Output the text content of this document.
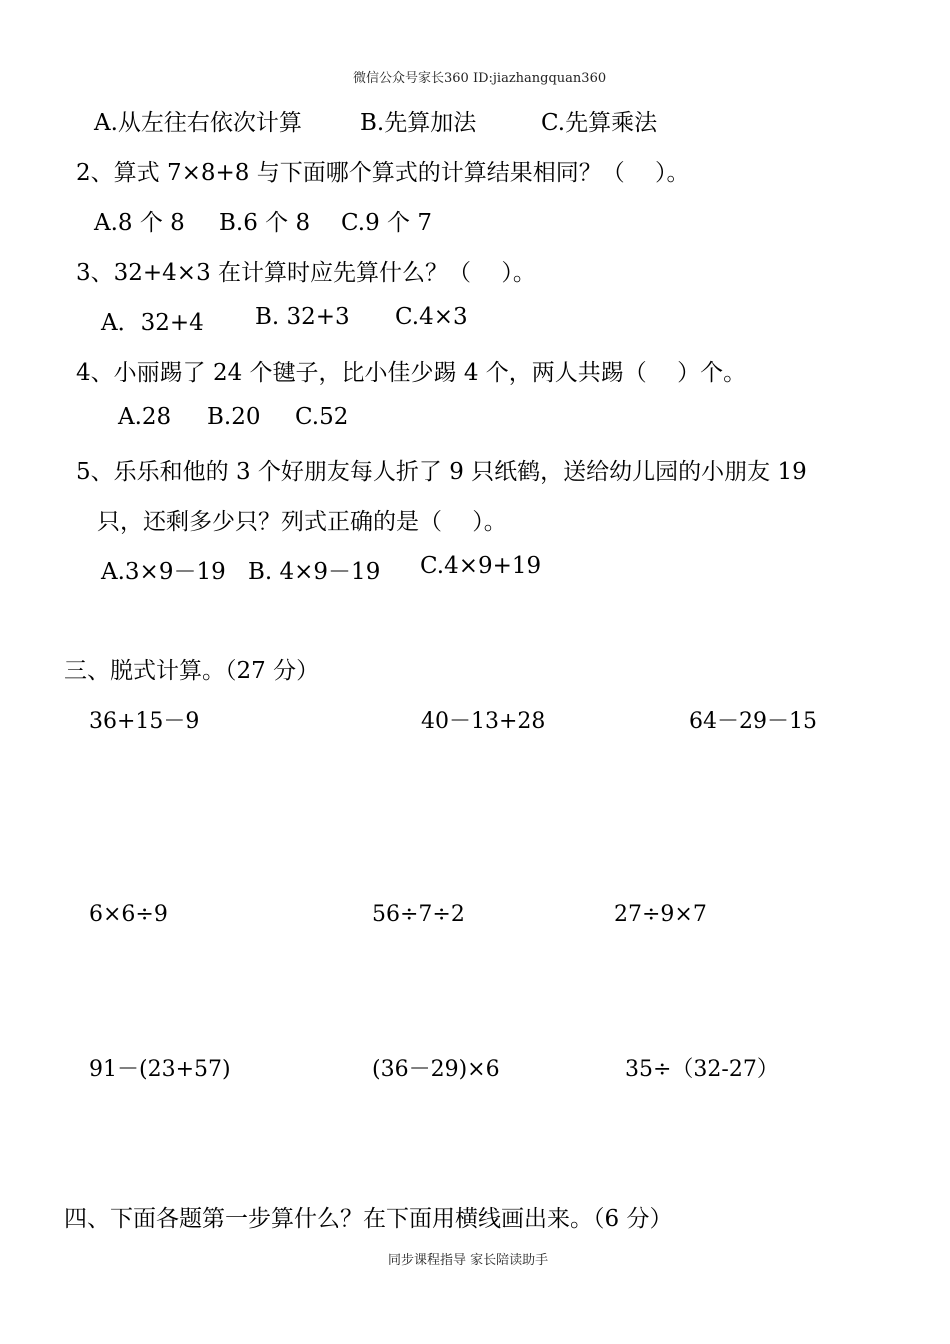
微信公众号家长360 ID:jiazhangquan360
A.从左往右依次计算	B.先算加法	C.先算乘法
2、算式 7×8+8 与下面哪个算式的计算结果相同？（　 ）。
A.8 个 8 B.6 个 8 C.9 个 7
3、32+4×3 在计算时应先算什么？（　 ）。
A．32+4 B. 32+3 C.4×3
4、小丽踢了 24 个毽子，比小佳少踢 4 个，两人共踢（　 ）个。
A.28 B.20 C.52
5、乐乐和他的 3 个好朋友每人折了 9 只纸鹤，送给幼儿园的小朋友 19
只，还剩多少只？列式正确的是（　 ）。
A.3×9－19 B. 4×9－19 C.4×9+19
三、脱式计算。（27 分）
36+15－9	40－13+28	64－29－15
6×6÷9	56÷7÷2	27÷9×7
91－(23+57)	(36－29)×6	35÷（32-27）
四、下面各题第一步算什么？在下面用横线画出来。（6 分）
同步课程指导 家长陪读助手
